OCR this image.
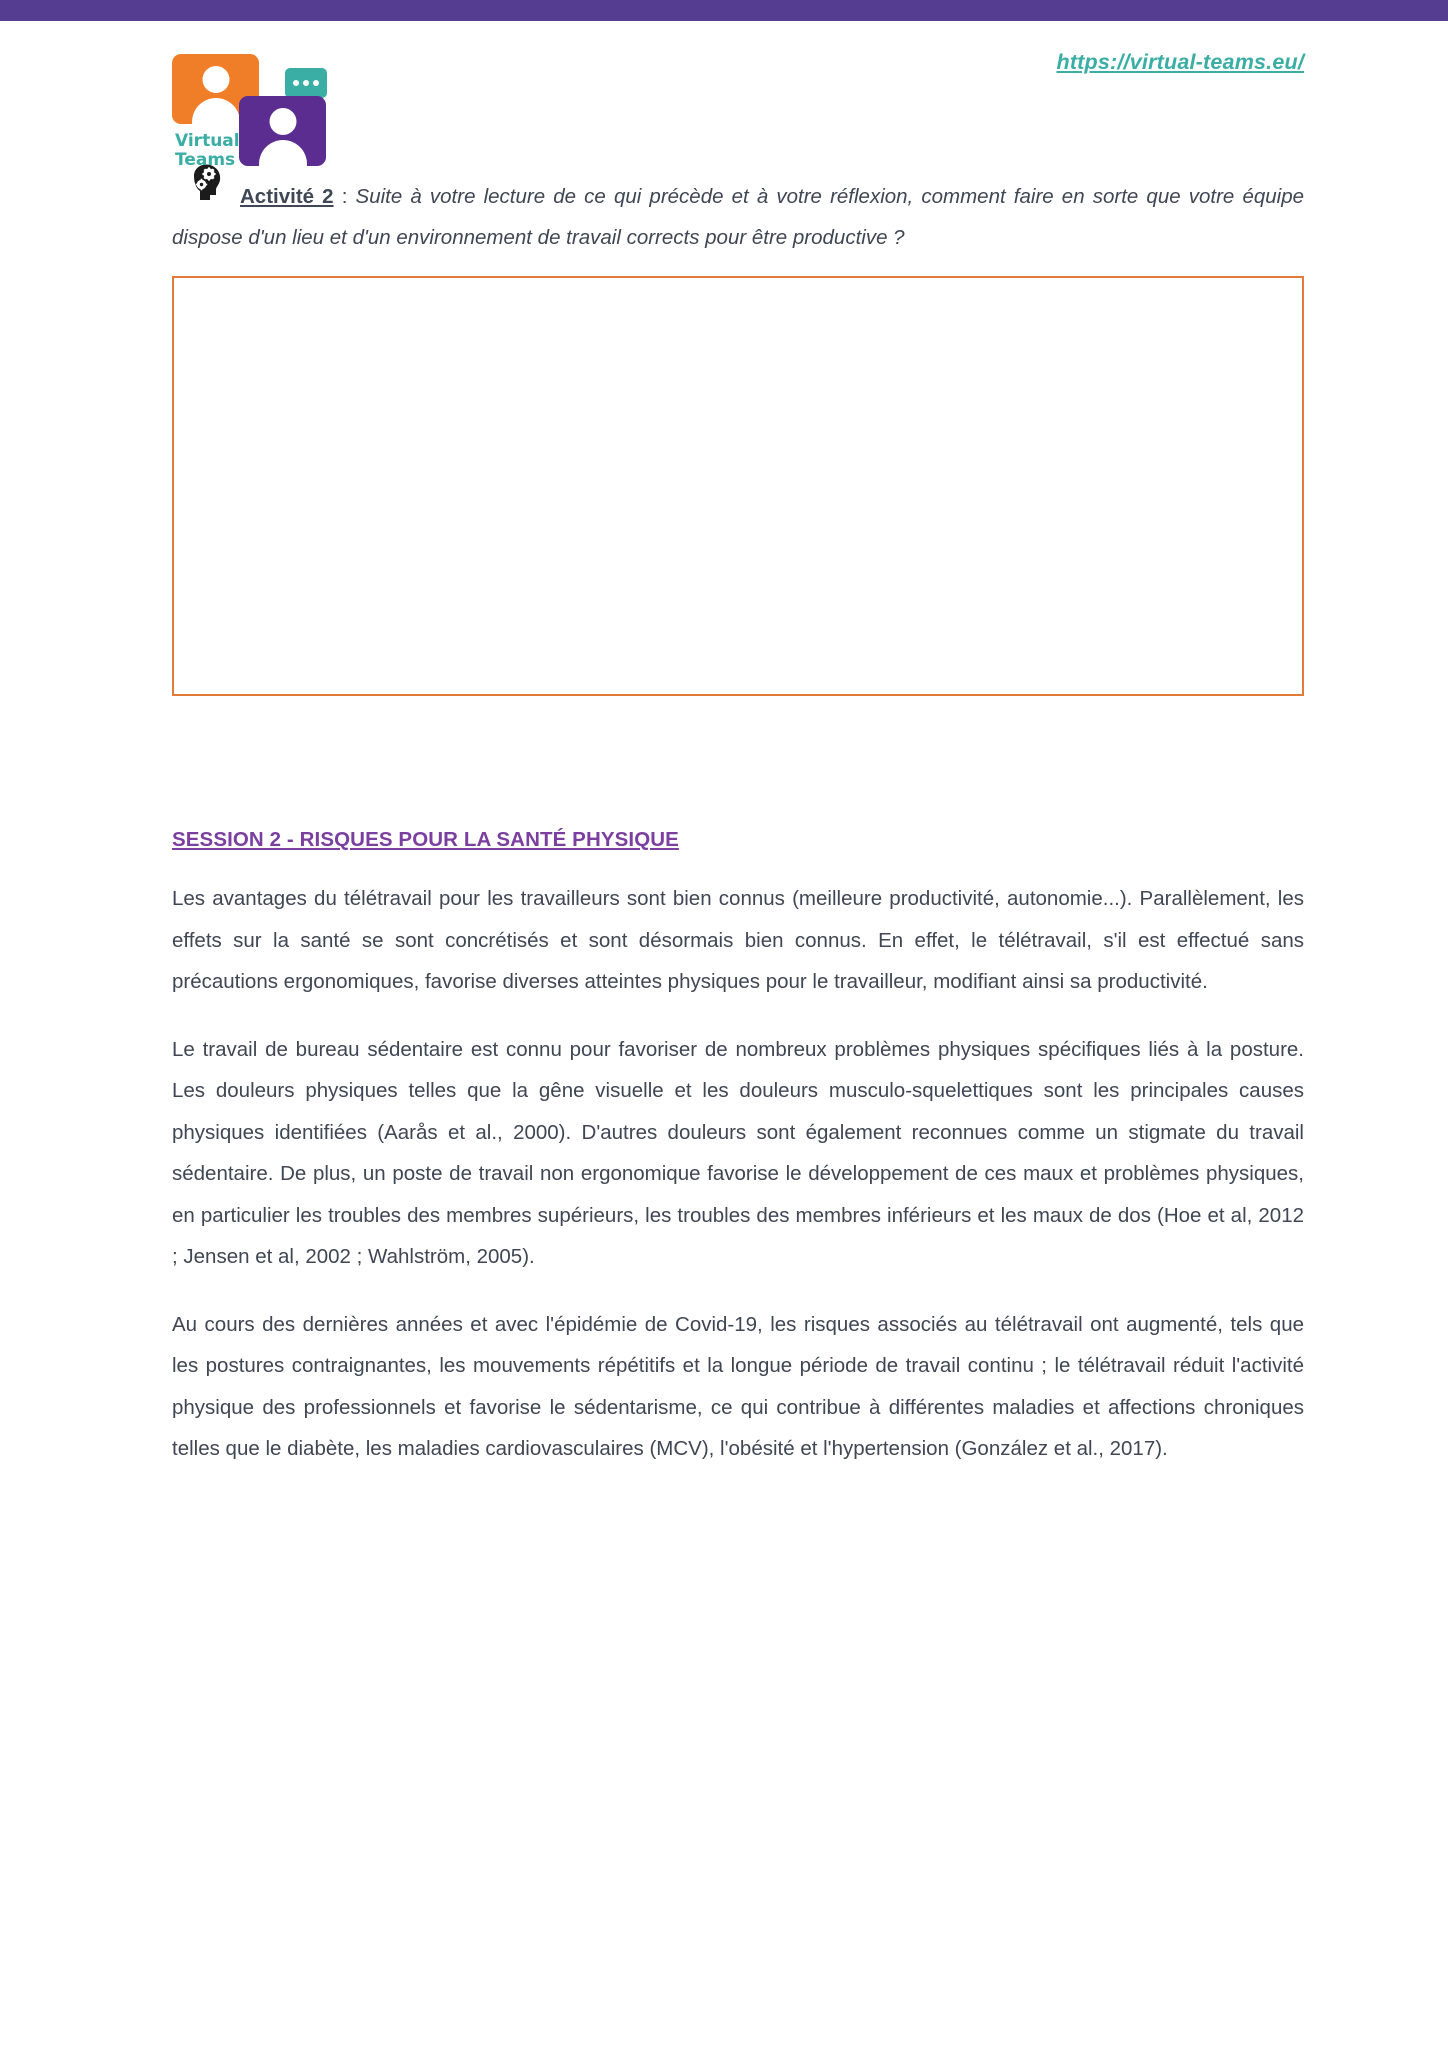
Virtual
Teams
https://virtual-teams.eu/

Activité 2 : Suite à votre lecture de ce qui précède et à votre réflexion, comment faire en sorte que votre équipe dispose d'un lieu et d'un environnement de travail corrects pour être productive ?

SESSION 2 - RISQUES POUR LA SANTÉ PHYSIQUE

Les avantages du télétravail pour les travailleurs sont bien connus (meilleure productivité, autonomie...). Parallèlement, les effets sur la santé se sont concrétisés et sont désormais bien connus. En effet, le télétravail, s'il est effectué sans précautions ergonomiques, favorise diverses atteintes physiques pour le travailleur, modifiant ainsi sa productivité.

Le travail de bureau sédentaire est connu pour favoriser de nombreux problèmes physiques spécifiques liés à la posture. Les douleurs physiques telles que la gêne visuelle et les douleurs musculo-squelettiques sont les principales causes physiques identifiées (Aarås et al., 2000). D'autres douleurs sont également reconnues comme un stigmate du travail sédentaire. De plus, un poste de travail non ergonomique favorise le développement de ces maux et problèmes physiques, en particulier les troubles des membres supérieurs, les troubles des membres inférieurs et les maux de dos (Hoe et al, 2012 ; Jensen et al, 2002 ; Wahlström, 2005).

Au cours des dernières années et avec l'épidémie de Covid-19, les risques associés au télétravail ont augmenté, tels que les postures contraignantes, les mouvements répétitifs et la longue période de travail continu ; le télétravail réduit l'activité physique des professionnels et favorise le sédentarisme, ce qui contribue à différentes maladies et affections chroniques telles que le diabète, les maladies cardiovasculaires (MCV), l'obésité et l'hypertension (González et al., 2017).
